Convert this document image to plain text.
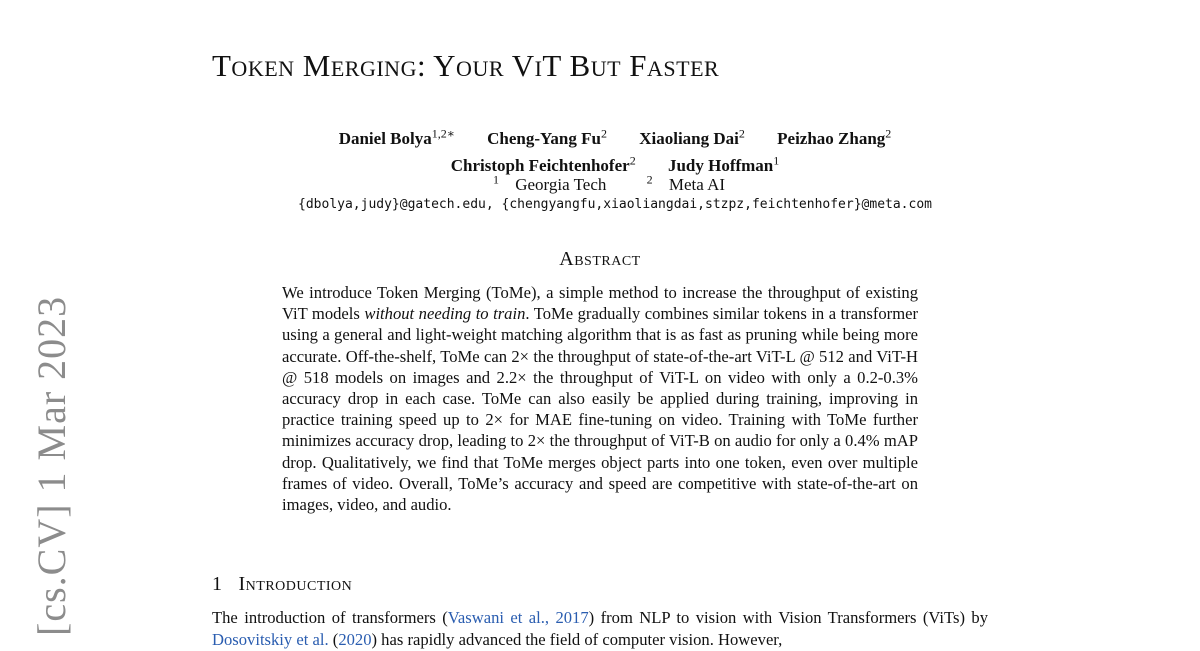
[cs.CV] 1 Mar 2023
Token Merging: Your ViT But Faster
Daniel Bolya$^{1,2∗}$ Cheng-Yang Fu$^2$ Xiaoliang Dai$^2$ Peizhao Zhang$^2$
Christoph Feichtenhofer$^2$ Judy Hoffman$^1$
$^1$ Georgia Tech	$^2$ Meta AI
{dbolya,judy}@gatech.edu, {chengyangfu,xiaoliangdai,stzpz,feichtenhofer}@meta.com
Abstract
We introduce Token Merging (ToMe), a simple method to increase the throughput of existing ViT models without needing to train. ToMe gradually combines similar tokens in a transformer using a general and light-weight matching algorithm that is as fast as pruning while being more accurate. Off-the-shelf, ToMe can 2× the throughput of state-of-the-art ViT-L @ 512 and ViT-H @ 518 models on images and 2.2× the throughput of ViT-L on video with only a 0.2-0.3% accuracy drop in each case. ToMe can also easily be applied during training, improving in practice training speed up to 2× for MAE fine-tuning on video. Training with ToMe further minimizes accuracy drop, leading to 2× the throughput of ViT-B on audio for only a 0.4% mAP drop. Qualitatively, we find that ToMe merges object parts into one token, even over multiple frames of video. Overall, ToMe’s accuracy and speed are competitive with state-of-the-art on images, video, and audio.
1 Introduction
The introduction of transformers (Vaswani et al., 2017) from NLP to vision with Vision Transformers (ViTs) by Dosovitskiy et al. (2020) has rapidly advanced the field of computer vision. However,
